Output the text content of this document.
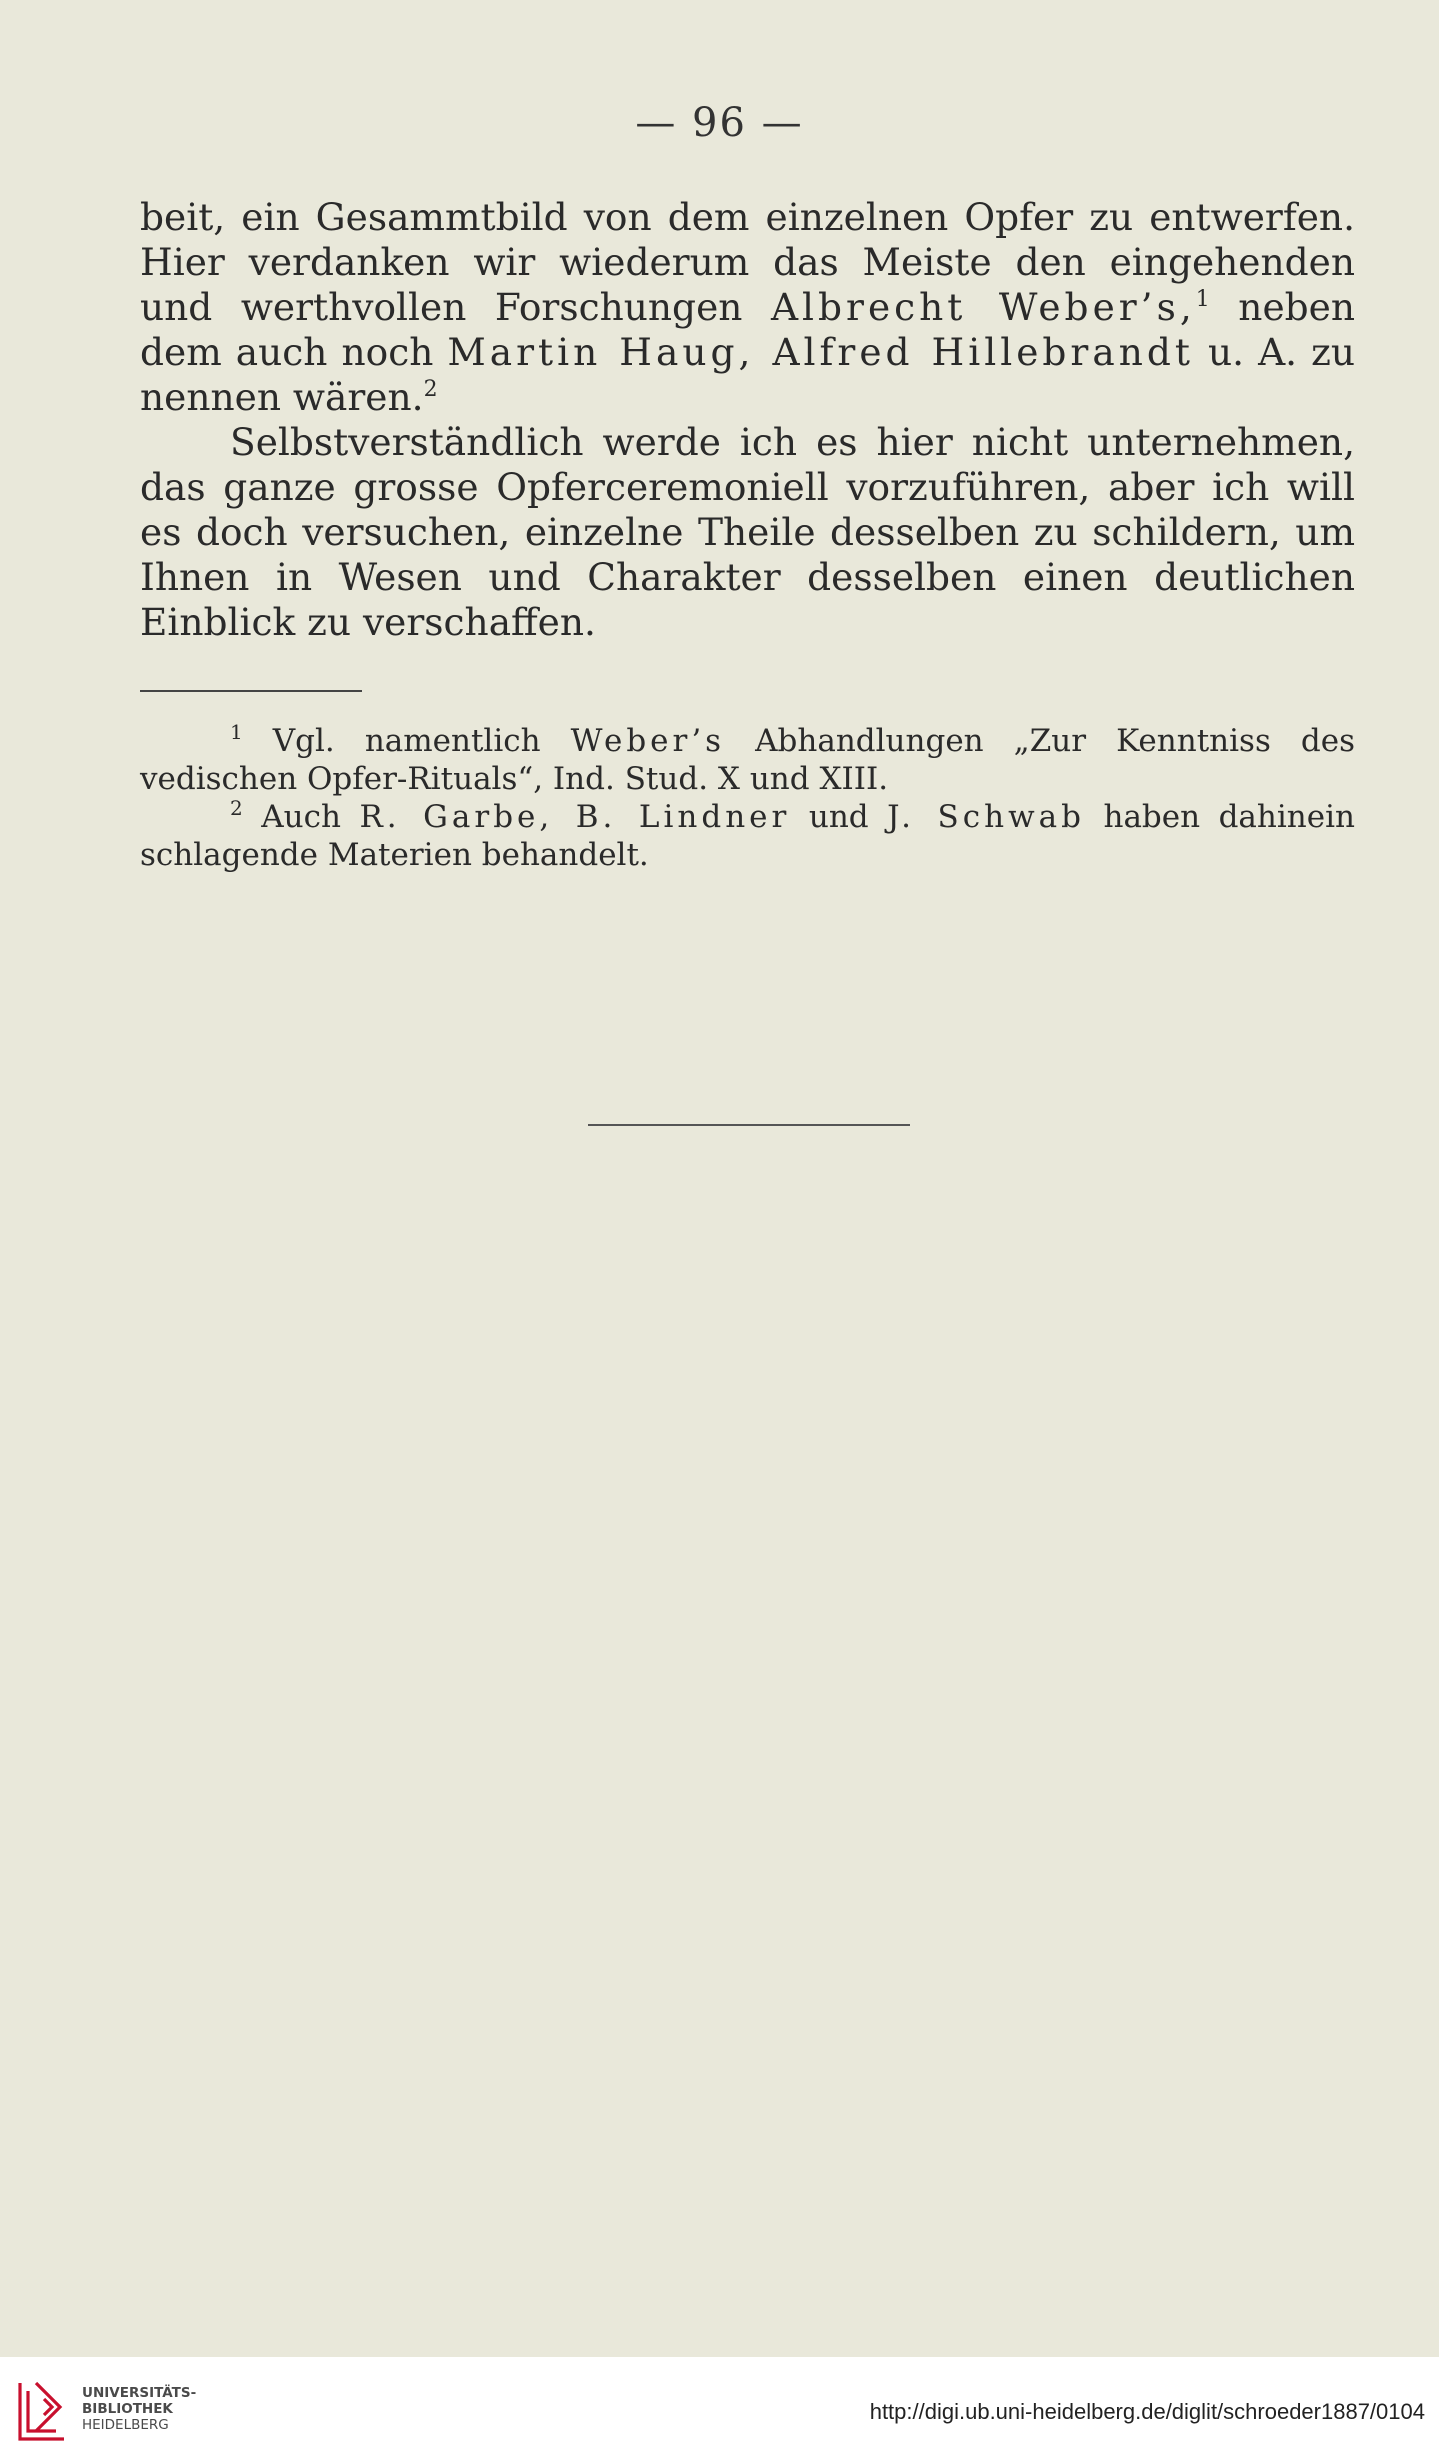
— 96 —

beit, ein Gesammtbild von dem einzelnen Opfer zu entwerfen. Hier verdanken wir wiederum das Meiste den eingehenden und werthvollen Forschungen Albrecht Weber’s,$^1$ neben dem auch noch Martin Haug, Alfred Hillebrandt u. A. zu nennen wären.$^2$

Selbstverständlich werde ich es hier nicht unternehmen, das ganze grosse Opferceremoniell vorzuführen, aber ich will es doch versuchen, einzelne Theile desselben zu schildern, um Ihnen in Wesen und Charakter desselben einen deutlichen Einblick zu verschaffen.

$^1$ Vgl. namentlich Weber’s Abhandlungen „Zur Kenntniss des vedischen Opfer-Rituals“, Ind. Stud. X und XIII.

$^2$ Auch R. Garbe, B. Lindner und J. Schwab haben dahinein schlagende Materien behandelt.

UNIVERSITÄTS-
BIBLIOTHEK
HEIDELBERG
http://digi.ub.uni-heidelberg.de/diglit/schroeder1887/0104
